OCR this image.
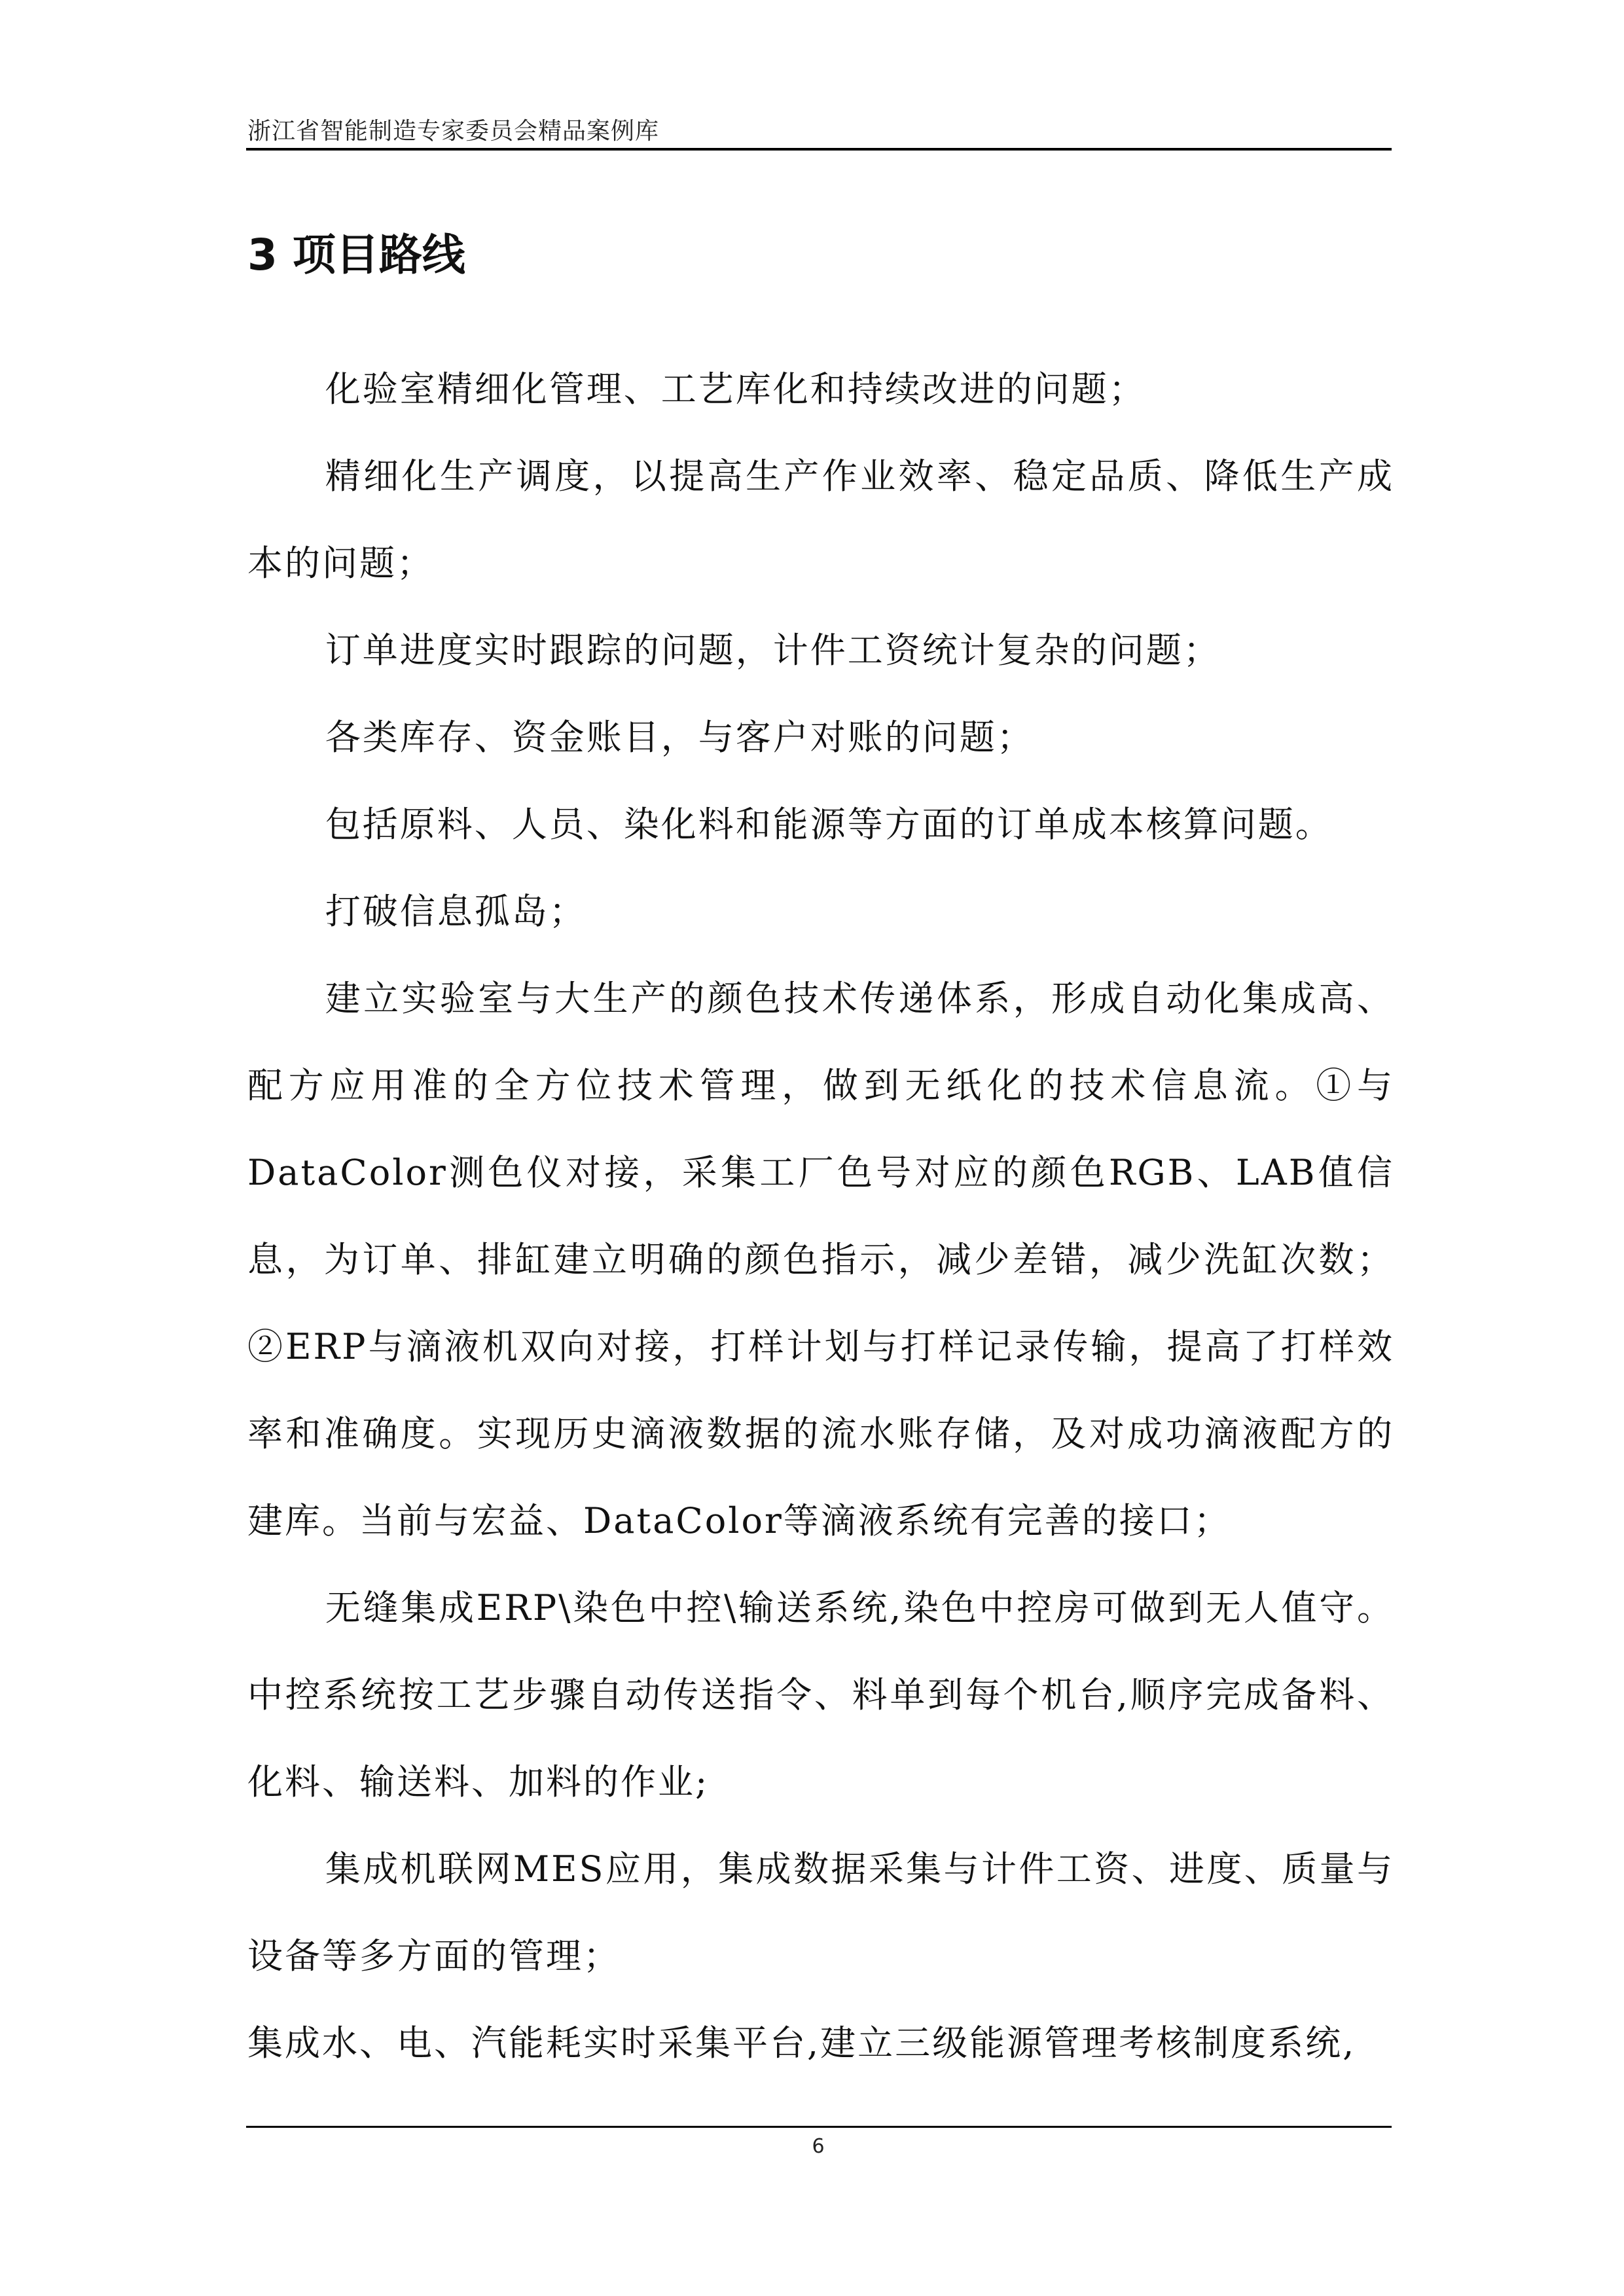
浙江省智能制造专家委员会精品案例库
3 项目路线

化验室精细化管理、工艺库化和持续改进的问题；

精细化生产调度，以提高生产作业效率、稳定品质、降低生产成本的问题；

订单进度实时跟踪的问题，计件工资统计复杂的问题；

各类库存、资金账目，与客户对账的问题；

包括原料、人员、染化料和能源等方面的订单成本核算问题。

打破信息孤岛；

建立实验室与大生产的颜色技术传递体系，形成自动化集成高、配方应用准的全方位技术管理，做到无纸化的技术信息流。①与DataColor测色仪对接，采集工厂色号对应的颜色RGB、LAB值信息，为订单、排缸建立明确的颜色指示，减少差错，减少洗缸次数；②ERP与滴液机双向对接，打样计划与打样记录传输，提高了打样效率和准确度。实现历史滴液数据的流水账存储，及对成功滴液配方的建库。当前与宏益、DataColor等滴液系统有完善的接口；

无缝集成ERP\染色中控\输送系统,染色中控房可做到无人值守。中控系统按工艺步骤自动传送指令、料单到每个机台,顺序完成备料、化料、输送料、加料的作业;

集成机联网MES应用，集成数据采集与计件工资、进度、质量与设备等多方面的管理；

集成水、电、汽能耗实时采集平台,建立三级能源管理考核制度系统,

6
